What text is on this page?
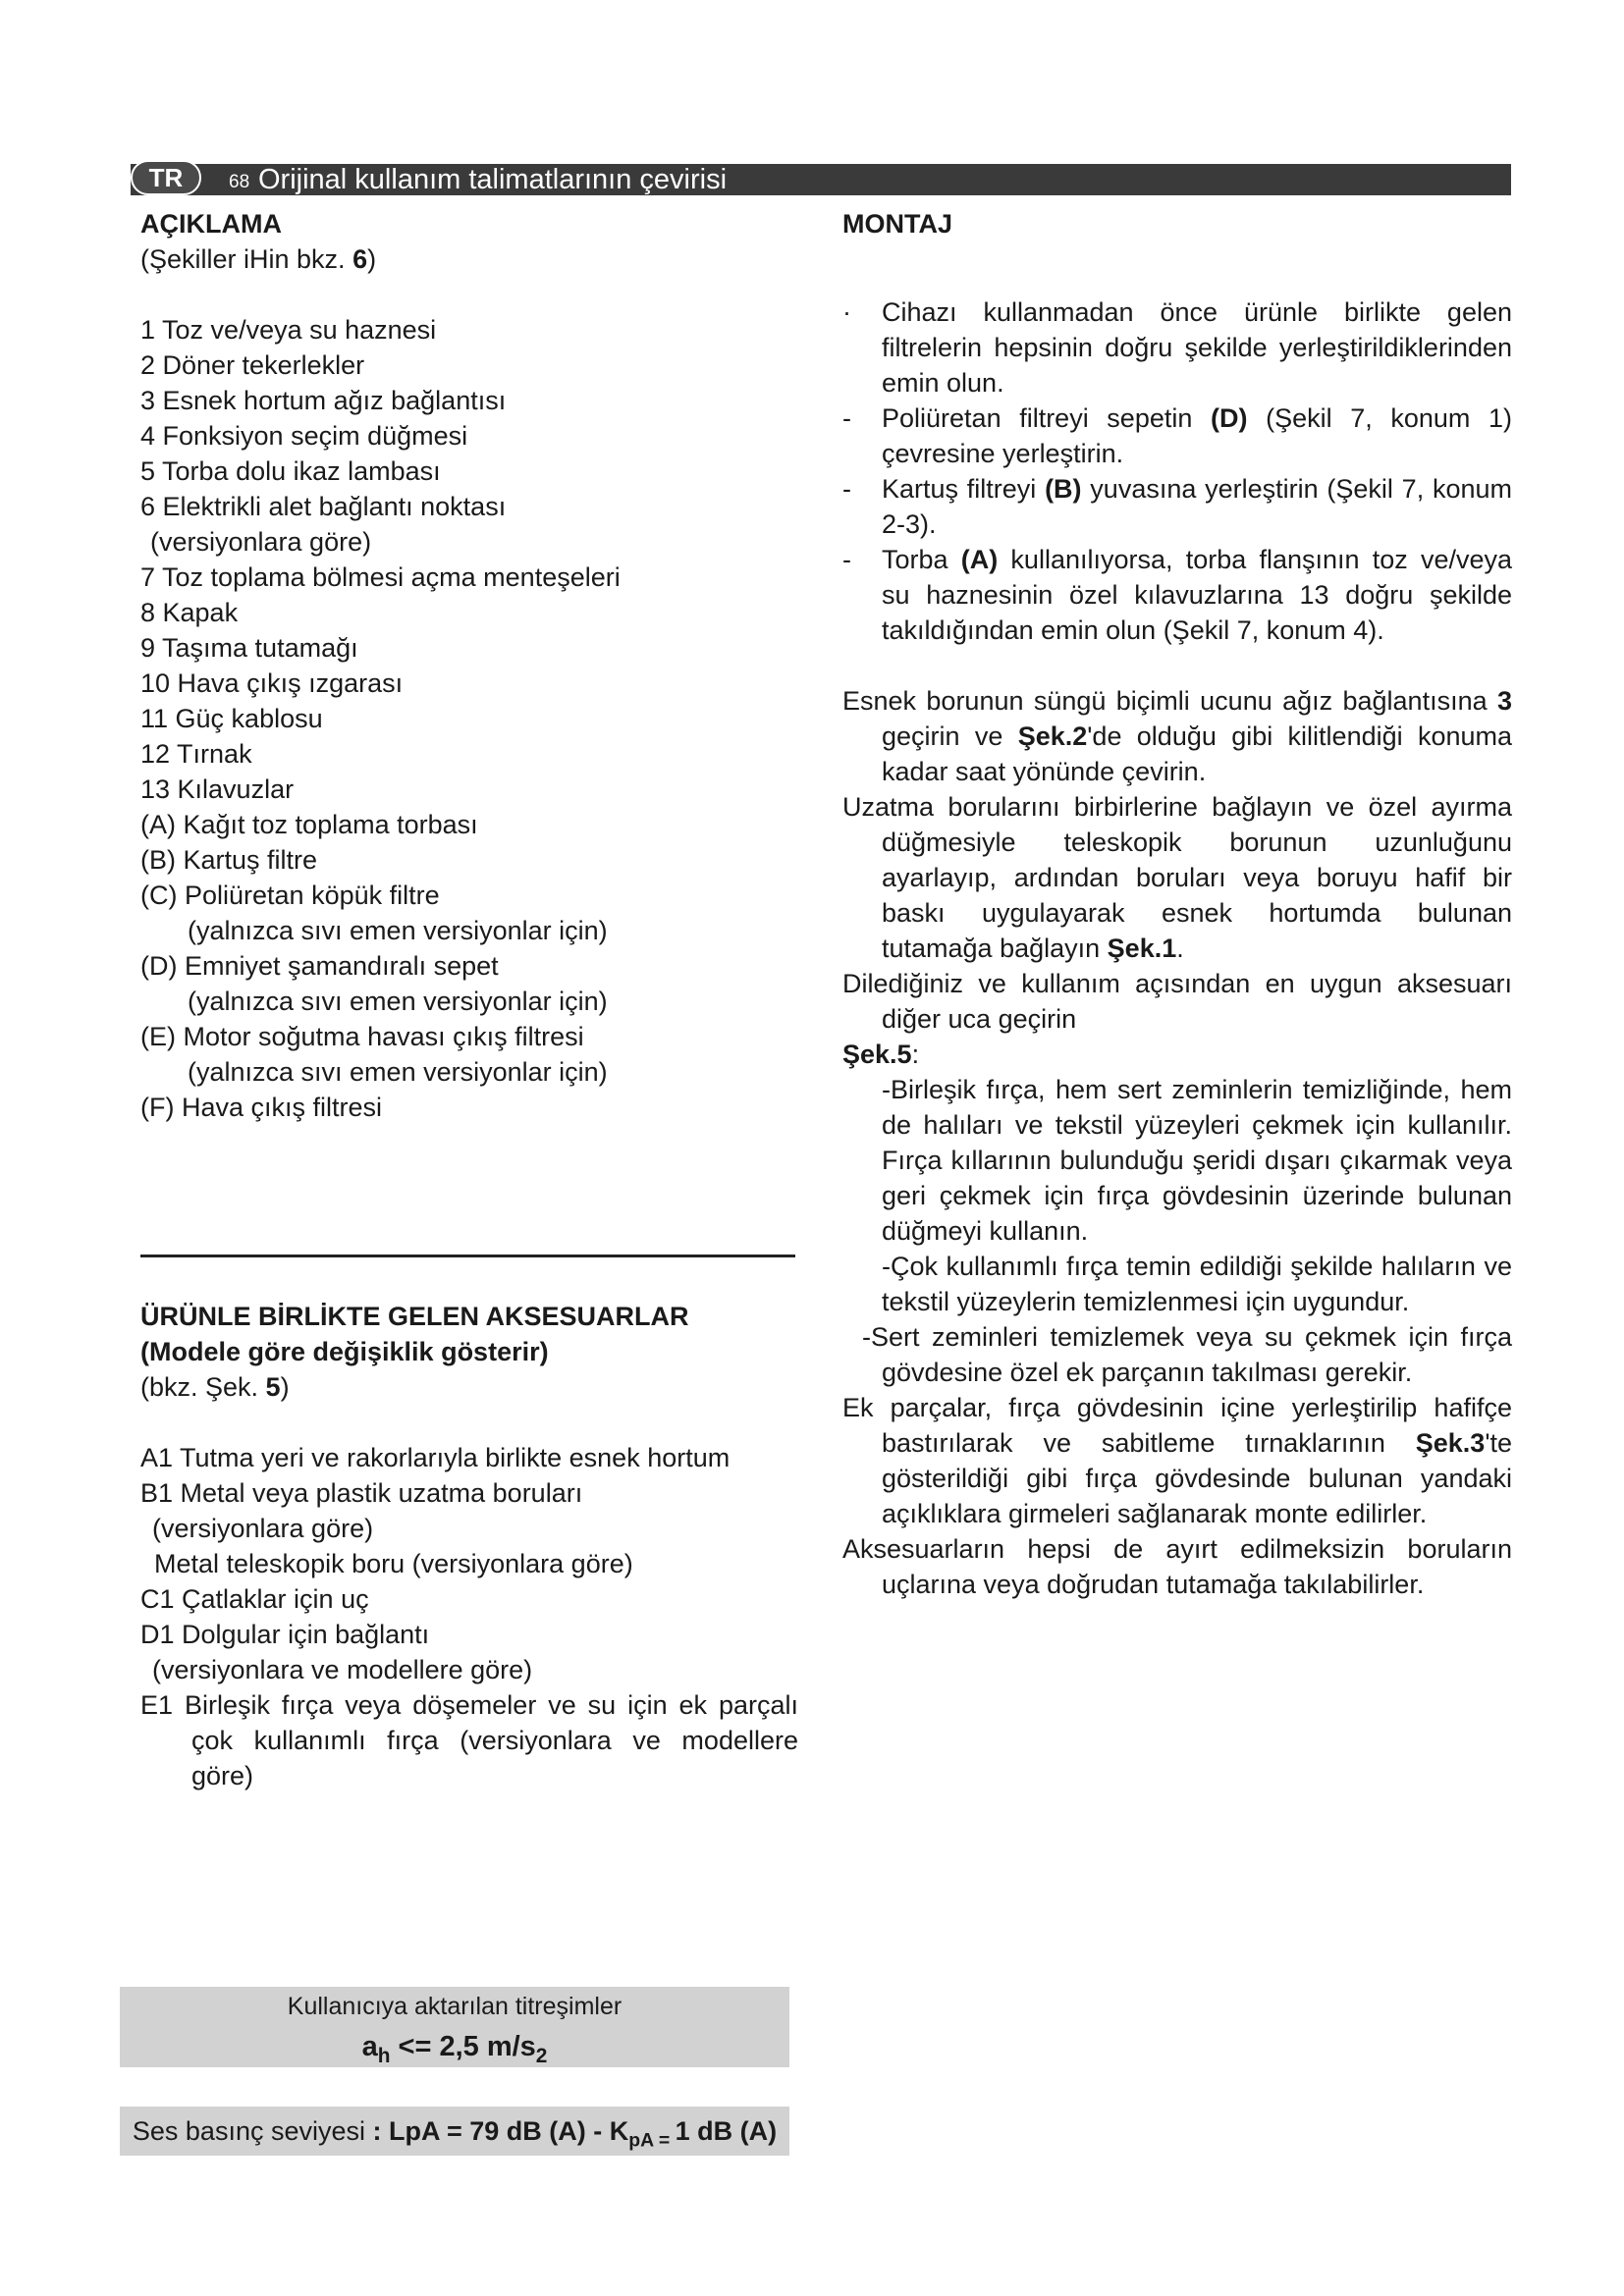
TR	68 Orijinal kullanım talimatlarının çevirisi

AÇIKLAMA

(Şekiller iHin bkz. 6)

1 Toz ve/veya su haznesi

2 Döner tekerlekler

3 Esnek hortum ağız bağlantısı

4 Fonksiyon seçim düğmesi

5 Torba dolu ikaz lambası

6 Elektrikli alet bağlantı noktası

(versiyonlara göre)

7 Toz toplama bölmesi açma menteşeleri

8 Kapak

9 Taşıma tutamağı

10 Hava çıkış ızgarası

11 Güç kablosu

12 Tırnak

13 Kılavuzlar

(A) Kağıt toz toplama torbası

(B) Kartuş filtre

(C) Poliüretan köpük filtre

(yalnızca sıvı emen versiyonlar için)

(D) Emniyet şamandıralı sepet

(yalnızca sıvı emen versiyonlar için)

(E) Motor soğutma havası çıkış filtresi

(yalnızca sıvı emen versiyonlar için)

(F) Hava çıkış filtresi

ÜRÜNLE BİRLİKTE GELEN AKSESUARLAR

(Modele göre değişiklik gösterir)

(bkz. Şek. 5)

A1 Tutma yeri ve rakorlarıyla birlikte esnek hortum

B1 Metal veya plastik uzatma boruları

(versiyonlara göre)

Metal teleskopik boru (versiyonlara göre)

C1 Çatlaklar için uç

D1 Dolgular için bağlantı

(versiyonlara ve modellere göre)

E1 Birleşik fırça veya döşemeler ve su için ek parçalı çok kullanımlı fırça (versiyonlara ve modellere göre)

Kullanıcıya aktarılan titreşimler
$a_h <= 2,5$ $m/s_2$
Ses basınç seviyesi : LpA = 79 dB $(A) - K_{pA =}$ 1 dB (A)

MONTAJ

· Cihazı kullanmadan önce ürünle birlikte gelen filtrelerin hepsinin doğru şekilde yerleştirildiklerinden emin olun.

- Poliüretan filtreyi sepetin (D) (Şekil 7, konum 1) çevresine yerleştirin.

- Kartuş filtreyi (B) yuvasına yerleştirin (Şekil 7, konum 2-3).

- Torba (A) kullanılıyorsa, torba flanşının toz ve/veya su haznesinin özel kılavuzlarına 13 doğru şekilde takıldığından emin olun (Şekil 7, konum 4).

Esnek borunun süngü biçimli ucunu ağız bağlantısına 3 geçirin ve Şek.2'de olduğu gibi kilitlendiği konuma kadar saat yönünde çevirin.

Uzatma borularını birbirlerine bağlayın ve özel ayırma düğmesiyle teleskopik borunun uzunluğunu ayarlayıp, ardından boruları veya boruyu hafif bir baskı uygulayarak esnek hortumda bulunan tutamağa bağlayın Şek.1.

Dilediğiniz ve kullanım açısından en uygun aksesuarı diğer uca geçirin

Şek.5:

-Birleşik fırça, hem sert zeminlerin temizliğinde, hem de halıları ve tekstil yüzeyleri çekmek için kullanılır. Fırça kıllarının bulunduğu şeridi dışarı çıkarmak veya geri çekmek için fırça gövdesinin üzerinde bulunan düğmeyi kullanın.

-Çok kullanımlı fırça temin edildiği şekilde halıların ve tekstil yüzeylerin temizlenmesi için uygundur.

-Sert zeminleri temizlemek veya su çekmek için fırça gövdesine özel ek parçanın takılması gerekir.

Ek parçalar, fırça gövdesinin içine yerleştirilip hafifçe bastırılarak ve sabitleme tırnaklarının Şek.3'te gösterildiği gibi fırça gövdesinde bulunan yandaki açıklıklara girmeleri sağlanarak monte edilirler.

Aksesuarların hepsi de ayırt edilmeksizin boruların uçlarına veya doğrudan tutamağa takılabilirler.
